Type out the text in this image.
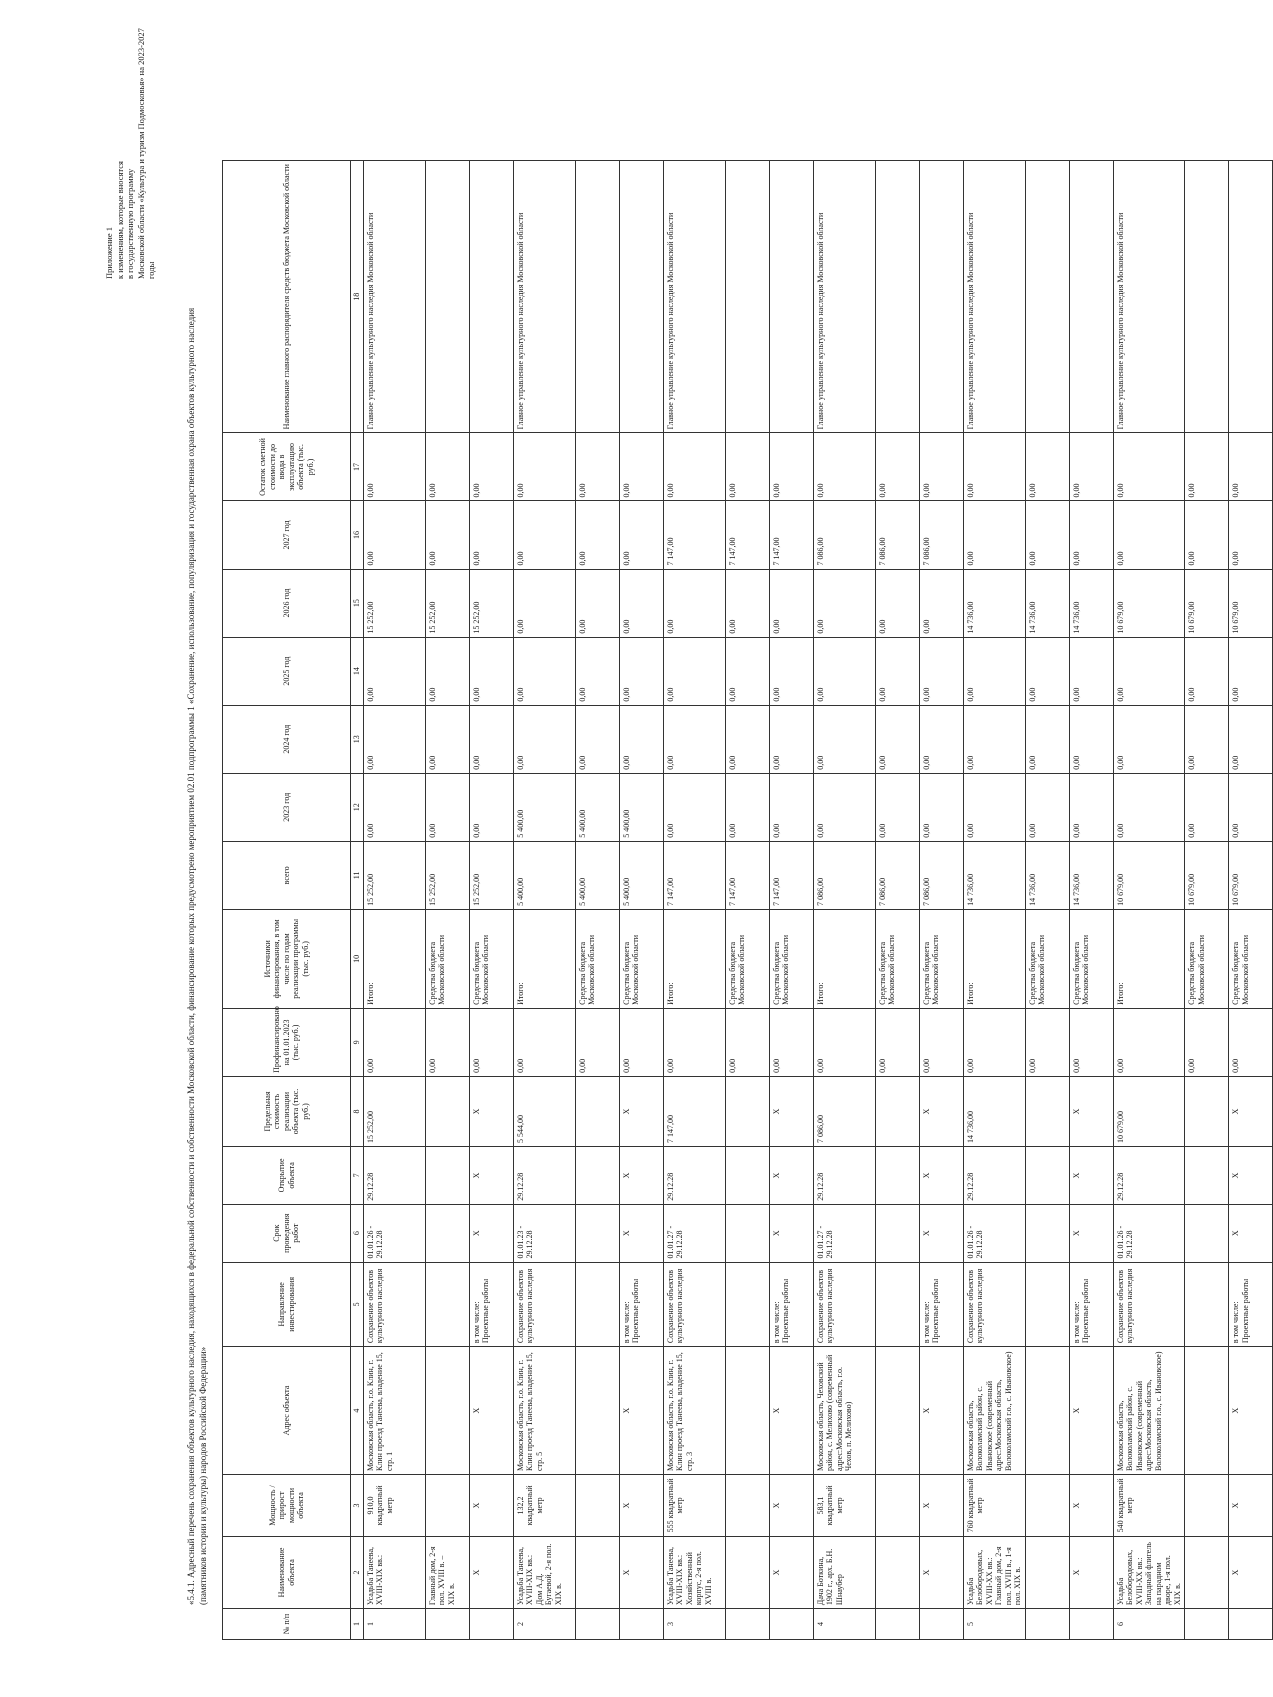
Приложение 1 к изменениям, которые вносятся в государственную программу Московской области «Культура и туризм Подмосковья» на 2023-2027 годы
«5.4.1. Адресный перечень сохранения объектов культурного наследия, находящихся в федеральной собственности и собственности Московской области, финансирование которых предусмотрено мероприятием 02.01 подпрограммы 1 «Сохранение, использование, популяризация и государственная охрана объектов культурного наследия (памятников истории и культуры) народов Российской Федерации»
№ п/п	Наименование объекта	Мощность / прирост мощности объекта	Адрес объекта	Направление инвестирования	Срок проведения работ	Открытие объекта	Предельная стоимость реализации объекта (тыс. руб.)	Профинансировано на 01.01.2023 (тыс. руб.)	Источники финансирования, в том числе по годам реализации программы (тыс. руб.)	всего	2023 год	2024 год	2025 год	2026 год	2027 год	Остаток сметной стоимости до ввода в эксплуатацию объекта (тыс. руб.)	Наименование главного распорядителя средств бюджета Московской области
1	2	3	4	5	6	7	8	9	10	11	12	13	14	15	16	17	18
1	Усадьба Танеева, XVIII-XIX вв.:	910,0 квадратный метр	Московская область, г.о. Клин, г. Клин проезд Танеева, владение 15, стр. 1	Сохранение объектов культурного наследия	01.01.26 - 29.12.28	29.12.28	15 252,00	0,00	Итого:	15 252,00	0,00	0,00	0,00	15 252,00	0,00	0,00	Главное управление культурного наследия Московской области
	Главный дом, 2-я пол. XVIII в. – XIX в.							0,00	Средства бюджета Московской области	15 252,00	0,00	0,00	0,00	15 252,00	0,00	0,00	
	X	X	X	в том числе: Проектные работы	X	X	X	0,00	Средства бюджета Московской области	15 252,00	0,00	0,00	0,00	15 252,00	0,00	0,00	
2	Усадьба Танеева, XVIII-XIX вв.: Дом А.Д. Бугаевой, 2-я пол. XIX в.	132,2 квадратный метр	Московская область, г.о. Клин, г. Клин проезд Танеева, владение 15, стр. 5	Сохранение объектов культурного наследия	01.01.23 - 29.12.28	29.12.28	5 544,00	0,00	Итого:	5 400,00	5 400,00	0,00	0,00	0,00	0,00	0,00	Главное управление культурного наследия Московской области
								0,00	Средства бюджета Московской области	5 400,00	5 400,00	0,00	0,00	0,00	0,00	0,00	
	X	X	X	в том числе: Проектные работы	X	X	X	0,00	Средства бюджета Московской области	5 400,00	5 400,00	0,00	0,00	0,00	0,00	0,00	
3	Усадьба Танеева, XVIII-XIX вв.: Хозяйственный корпус, 2-я пол. XVIII в.	555 квадратный метр	Московская область, г.о. Клин, г. Клин проезд Танеева, владение 15, стр. 3	Сохранение объектов культурного наследия	01.01.27 - 29.12.28	29.12.28	7 147,00	0,00	Итого:	7 147,00	0,00	0,00	0,00	0,00	7 147,00	0,00	Главное управление культурного наследия Московской области
								0,00	Средства бюджета Московской области	7 147,00	0,00	0,00	0,00	0,00	7 147,00	0,00	
	X	X	X	в том числе: Проектные работы	X	X	X	0,00	Средства бюджета Московской области	7 147,00	0,00	0,00	0,00	0,00	7 147,00	0,00	
4	Дача Боткина, 1902 г., арх. Б.Н. Шнаубер	583,1 квадратный метр	Московская область, Чеховский район, с. Мелихово (современный адрес:Московская область, г.о. Чехов, п. Мелихово)	Сохранение объектов культурного наследия	01.01.27 - 29.12.28	29.12.28	7 086,00	0,00	Итого:	7 086,00	0,00	0,00	0,00	0,00	7 086,00	0,00	Главное управление культурного наследия Московской области
								0,00	Средства бюджета Московской области	7 086,00	0,00	0,00	0,00	0,00	7 086,00	0,00	
	X	X	X	в том числе: Проектные работы	X	X	X	0,00	Средства бюджета Московской области	7 086,00	0,00	0,00	0,00	0,00	7 086,00	0,00	
5	Усадьба Белобородовых, XVIII-XX вв.: Главный дом, 2-я пол. XVIII в., 1-я пол. XIX в.	760 квадратный метр	Московская область, Волоколамский район, с. Ивановское (современный адрес:Московская область, Волоколамский г.о., с. Ивановское)	Сохранение объектов культурного наследия	01.01.26 - 29.12.28	29.12.28	14 736,00	0,00	Итого:	14 736,00	0,00	0,00	0,00	14 736,00	0,00	0,00	Главное управление культурного наследия Московской области
								0,00	Средства бюджета Московской области	14 736,00	0,00	0,00	0,00	14 736,00	0,00	0,00	
	X	X	X	в том числе: Проектные работы	X	X	X	0,00	Средства бюджета Московской области	14 736,00	0,00	0,00	0,00	14 736,00	0,00	0,00	
6	Усадьба Белобородовых, XVIII-XX вв.: Западный флигель на парадном дворе, 1-я пол. XIX в.	540 квадратный метр	Московская область, Волоколамский район, с. Ивановское (современный адрес:Московская область, Волоколамский г.о., с. Ивановское)	Сохранение объектов культурного наследия	01.01.26 - 29.12.28	29.12.28	10 679,00	0,00	Итого:	10 679,00	0,00	0,00	0,00	10 679,00	0,00	0,00	Главное управление культурного наследия Московской области
								0,00	Средства бюджета Московской области	10 679,00	0,00	0,00	0,00	10 679,00	0,00	0,00	
	X	X	X	в том числе: Проектные работы	X	X	X	0,00	Средства бюджета Московской области	10 679,00	0,00	0,00	0,00	10 679,00	0,00	0,00	
